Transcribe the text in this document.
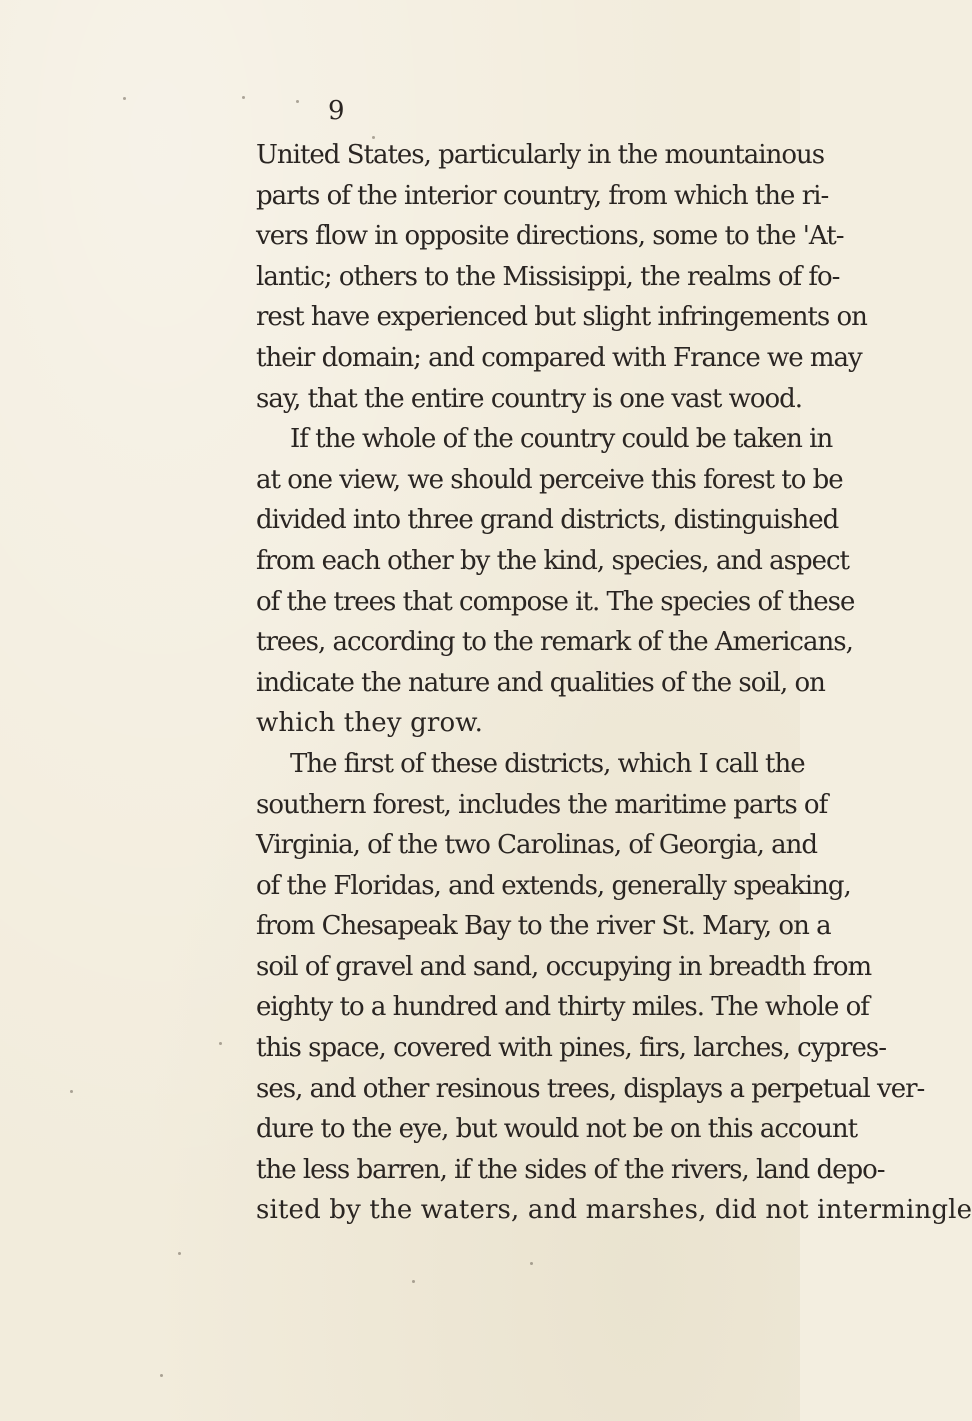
9
United States, particularly in the mountainous
parts of the interior country, from which the ri-
vers flow in opposite directions, some to the 'At-
lantic; others to the Missisippi, the realms of fo-
rest have experienced but slight infringements on
their domain; and compared with France we may
say, that the entire country is one vast wood.
If the whole of the country could be taken in
at one view, we should perceive this forest to be
divided into three grand districts, distinguished
from each other by the kind, species, and aspect
of the trees that compose it. The species of these
trees, according to the remark of the Americans,
indicate the nature and qualities of the soil, on
which they grow.
The first of these districts, which I call the
southern forest, includes the maritime parts of
Virginia, of the two Carolinas, of Georgia, and
of the Floridas, and extends, generally speaking,
from Chesapeak Bay to the river St. Mary, on a
soil of gravel and sand, occupying in breadth from
eighty to a hundred and thirty miles. The whole of
this space, covered with pines, firs, larches, cypres-
ses, and other resinous trees, displays a perpetual ver-
dure to the eye, but would not be on this account
the less barren, if the sides of the rivers, land depo-
sited by the waters, and marshes, did not intermingle
